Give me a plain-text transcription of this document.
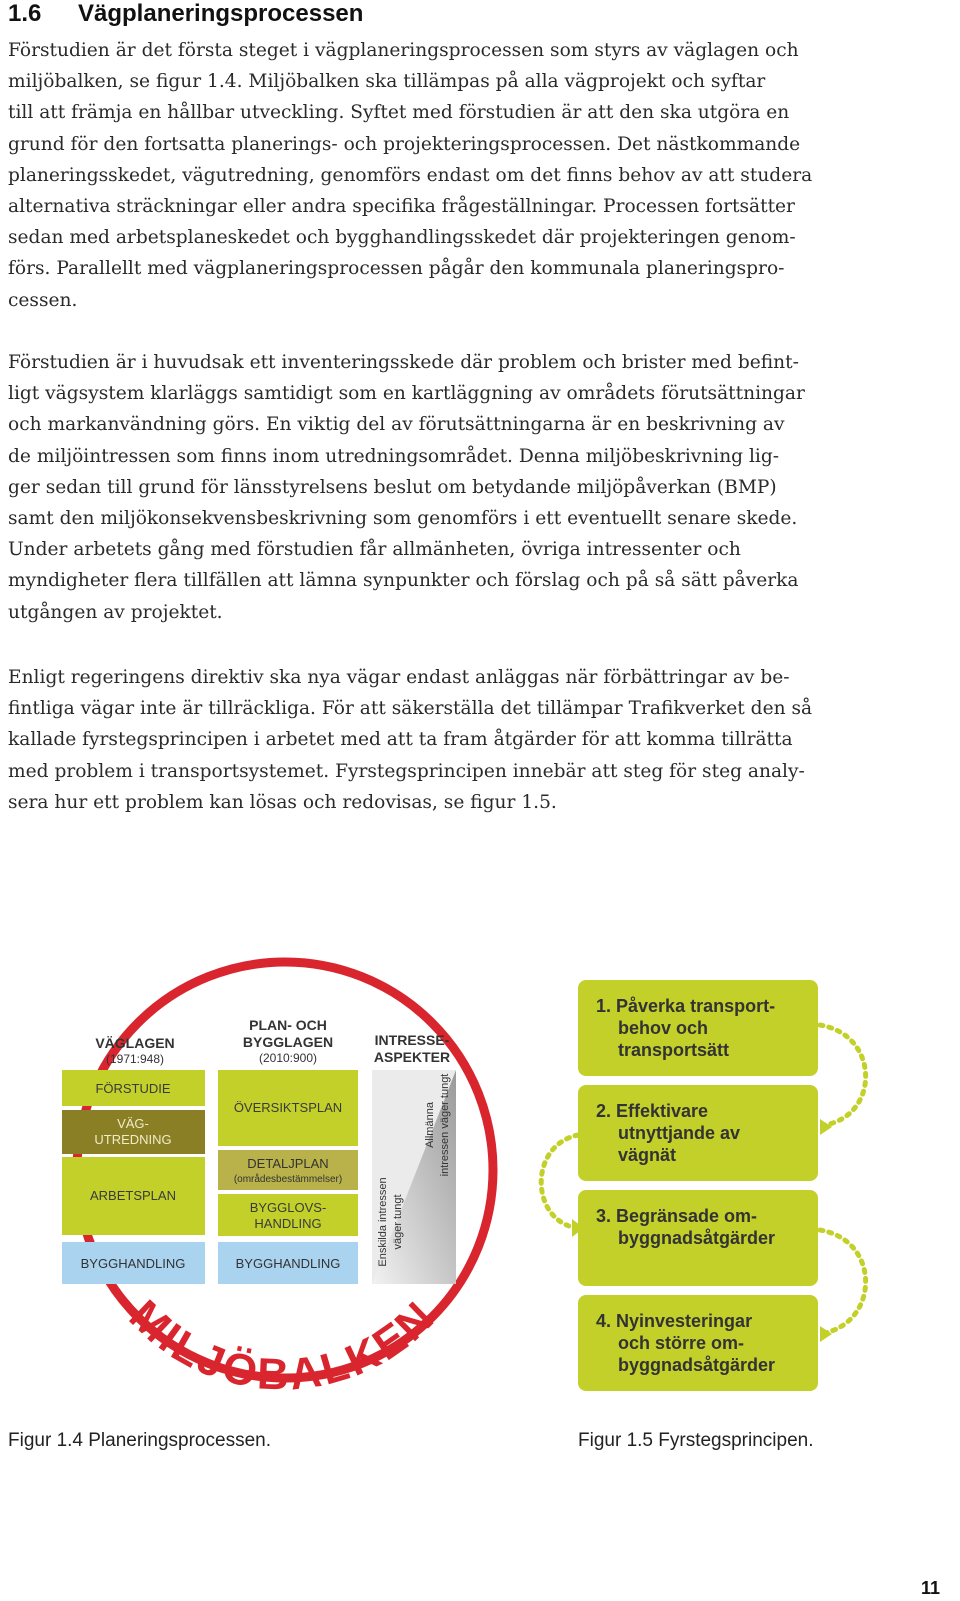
1.6 Vägplaneringsprocessen
Förstudien är det första steget i vägplaneringsprocessen som styrs av väglagen och
miljöbalken, se figur 1.4. Miljöbalken ska tillämpas på alla vägprojekt och syftar
till att främja en hållbar utveckling. Syftet med förstudien är att den ska utgöra en
grund för den fortsatta planerings- och projekteringsprocessen. Det nästkommande
planeringsskedet, vägutredning, genomförs endast om det finns behov av att studera
alternativa sträckningar eller andra specifika frågeställningar. Processen fortsätter
sedan med arbetsplaneskedet och bygghandlingsskedet där projekteringen genom-
förs. Parallellt med vägplaneringsprocessen pågår den kommunala planeringspro-
cessen.
Förstudien är i huvudsak ett inventeringsskede där problem och brister med befint-
ligt vägsystem klarläggs samtidigt som en kartläggning av områdets förutsättningar
och markanvändning görs. En viktig del av förutsättningarna är en beskrivning av
de miljöintressen som finns inom utredningsområdet. Denna miljöbeskrivning lig-
ger sedan till grund för länsstyrelsens beslut om betydande miljöpåverkan (BMP)
samt den miljökonsekvensbeskrivning som genomförs i ett eventuellt senare skede.
Under arbetets gång med förstudien får allmänheten, övriga intressenter och
myndigheter flera tillfällen att lämna synpunkter och förslag och på så sätt påverka
utgången av projektet.
Enligt regeringens direktiv ska nya vägar endast anläggas när förbättringar av be-
fintliga vägar inte är tillräckliga. För att säkerställa det tillämpar Trafikverket den så
kallade fyrstegsprincipen i arbetet med att ta fram åtgärder för att komma tillrätta
med problem i transportsystemet. Fyrstegsprincipen innebär att steg för steg analy-
sera hur ett problem kan lösas och redovisas, se figur 1.5.
MILJÖBALKEN
VÄGLAGEN
(1971:948)
FÖRSTUDIE
VÄG-
UTREDNING
ARBETSPLAN
BYGGHANDLING
PLAN- OCH
BYGGLAGEN
(2010:900)
ÖVERSIKTSPLAN
DETALJPLAN
(områdesbestämmelser)
BYGGLOVS-
HANDLING
BYGGHANDLING
INTRESSE-
ASPEKTER
Allmänna intressen väger tungt
Enskilda intressen väger tungt
1. Påverka transport-
behov och
transportsätt
2. Effektivare
utnyttjande av
vägnät
3. Begränsade om-
byggnadsåtgärder
4. Nyinvesteringar
och större om-
byggnadsåtgärder
Figur 1.4 Planeringsprocessen.	Figur 1.5 Fyrstegsprincipen.
11
